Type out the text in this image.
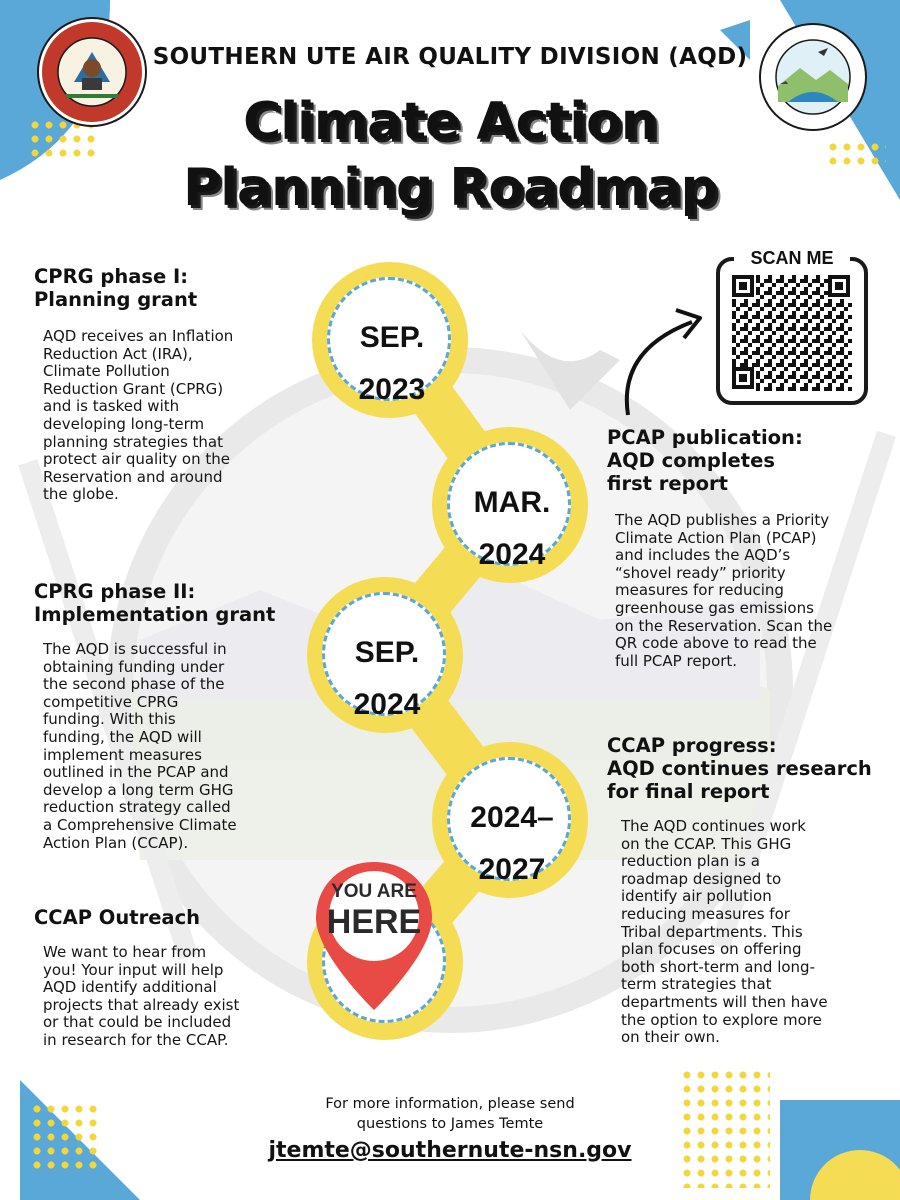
SOUTHERN UTE AIR QUALITY DIVISION (AQD)
Climate Action
Planning Roadmap
SEP.
2023
MAR.
2024
SEP.
2024
2024–
2027
YOU ARE
HERE
CPRG phase I:
Planning grant
AQD receives an Inflation
Reduction Act (IRA),
Climate Pollution
Reduction Grant (CPRG)
and is tasked with
developing long-term
planning strategies that
protect air quality on the
Reservation and around
the globe.
CPRG phase II:
Implementation grant
The AQD is successful in
obtaining funding under
the second phase of the
competitive CPRG
funding. With this
funding, the AQD will
implement measures
outlined in the PCAP and
develop a long term GHG
reduction strategy called
a Comprehensive Climate
Action Plan (CCAP).
CCAP Outreach
We want to hear from
you! Your input will help
AQD identify additional
projects that already exist
or that could be included
in research for the CCAP.
SCAN ME
PCAP publication:
AQD completes
first report
The AQD publishes a Priority
Climate Action Plan (PCAP)
and includes the AQD’s
“shovel ready” priority
measures for reducing
greenhouse gas emissions
on the Reservation. Scan the
QR code above to read the
full PCAP report.
CCAP progress:
AQD continues research
for final report
The AQD continues work
on the CCAP. This GHG
reduction plan is a
roadmap designed to
identify air pollution
reducing measures for
Tribal departments. This
plan focuses on offering
both short-term and long-
term strategies that
departments will then have
the option to explore more
on their own.
For more information, please send
questions to James Temte
jtemte@southernute-nsn.gov
